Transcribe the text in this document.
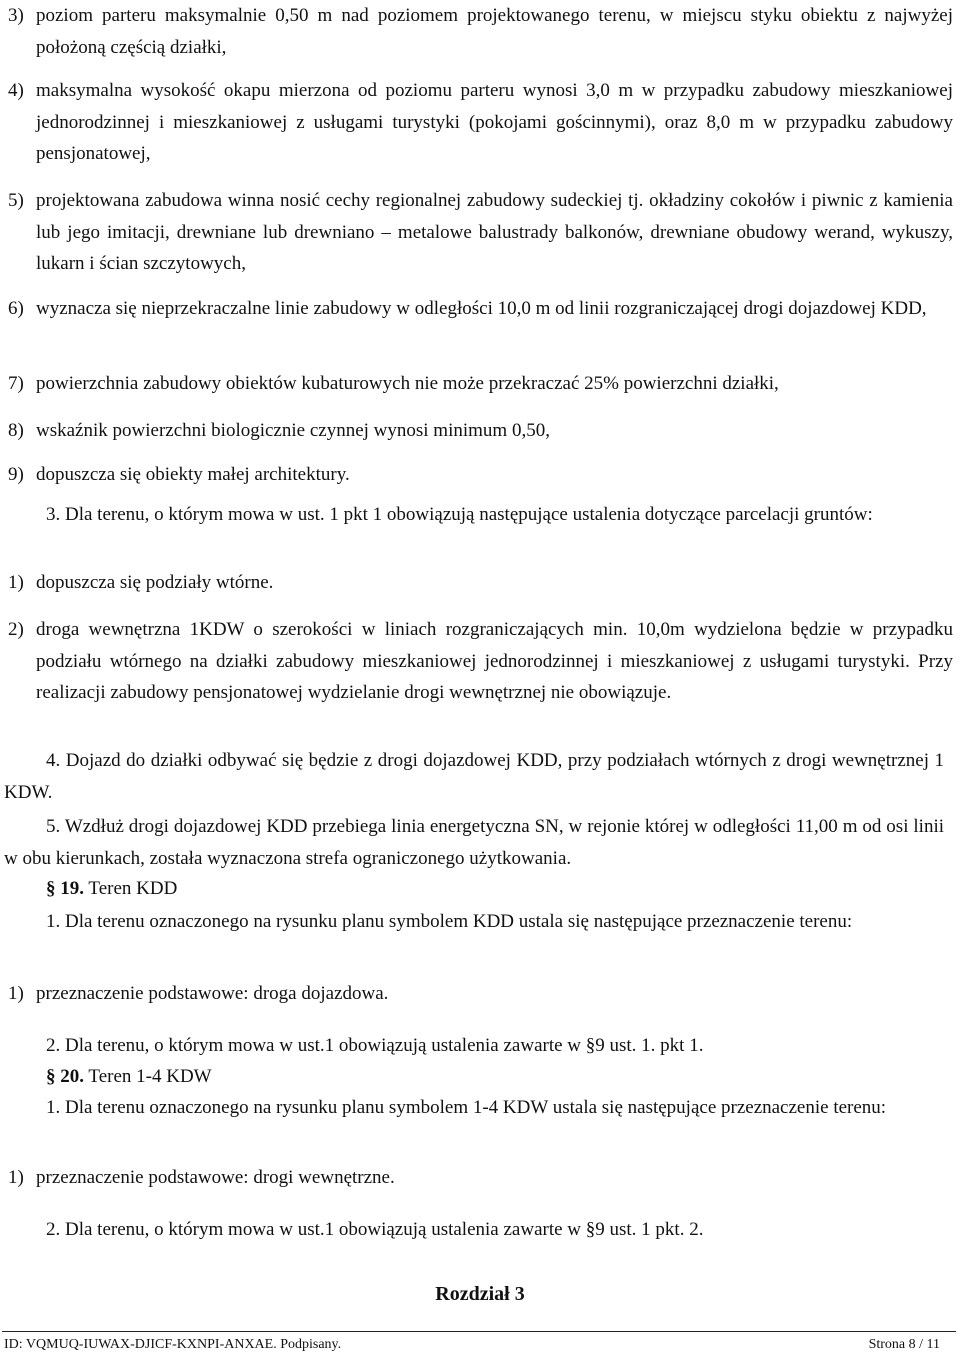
3) poziom parteru maksymalnie 0,50 m nad poziomem projektowanego terenu, w miejscu styku obiektu z najwyżej położoną częścią działki,
4) maksymalna wysokość okapu mierzona od poziomu parteru wynosi 3,0 m w przypadku zabudowy mieszkaniowej jednorodzinnej i mieszkaniowej z usługami turystyki (pokojami gościnnymi), oraz 8,0 m w przypadku zabudowy pensjonatowej,
5) projektowana zabudowa winna nosić cechy regionalnej zabudowy sudeckiej tj. okładziny cokołów i piwnic z kamienia lub jego imitacji, drewniane lub drewniano – metalowe balustrady balkonów, drewniane obudowy werand, wykuszy, lukarn i ścian szczytowych,
6) wyznacza się nieprzekraczalne linie zabudowy w odległości 10,0 m od linii rozgraniczającej drogi dojazdowej KDD,
7) powierzchnia zabudowy obiektów kubaturowych nie może przekraczać 25% powierzchni działki,
8) wskaźnik powierzchni biologicznie czynnej wynosi minimum 0,50,
9) dopuszcza się obiekty małej architektury.
3. Dla terenu, o którym mowa w ust. 1 pkt 1 obowiązują następujące ustalenia dotyczące parcelacji gruntów:
1) dopuszcza się podziały wtórne.
2) droga wewnętrzna 1KDW o szerokości w liniach rozgraniczających min. 10,0m wydzielona będzie w przypadku podziału wtórnego na działki zabudowy mieszkaniowej jednorodzinnej i mieszkaniowej z usługami turystyki. Przy realizacji zabudowy pensjonatowej wydzielanie drogi wewnętrznej nie obowiązuje.
4. Dojazd do działki odbywać się będzie z drogi dojazdowej KDD, przy podziałach wtórnych z drogi wewnętrznej 1 KDW.
5. Wzdłuż drogi dojazdowej KDD przebiega linia energetyczna SN, w rejonie której w odległości 11,00 m od osi linii w obu kierunkach, została wyznaczona strefa ograniczonego użytkowania.
§ 19. Teren KDD
1. Dla terenu oznaczonego na rysunku planu symbolem KDD ustala się następujące przeznaczenie terenu:
1) przeznaczenie podstawowe: droga dojazdowa.
2. Dla terenu, o którym mowa w ust.1 obowiązują ustalenia zawarte w §9 ust. 1. pkt 1.
§ 20. Teren 1-4 KDW
1. Dla terenu oznaczonego na rysunku planu symbolem 1-4 KDW ustala się następujące przeznaczenie terenu:
1) przeznaczenie podstawowe: drogi wewnętrzne.
2. Dla terenu, o którym mowa w ust.1 obowiązują ustalenia zawarte w §9 ust. 1 pkt. 2.
Rozdział 3
ID: VQMUQ-IUWAX-DJICF-KXNPI-ANXAE. Podpisany.	Strona 8 / 11
